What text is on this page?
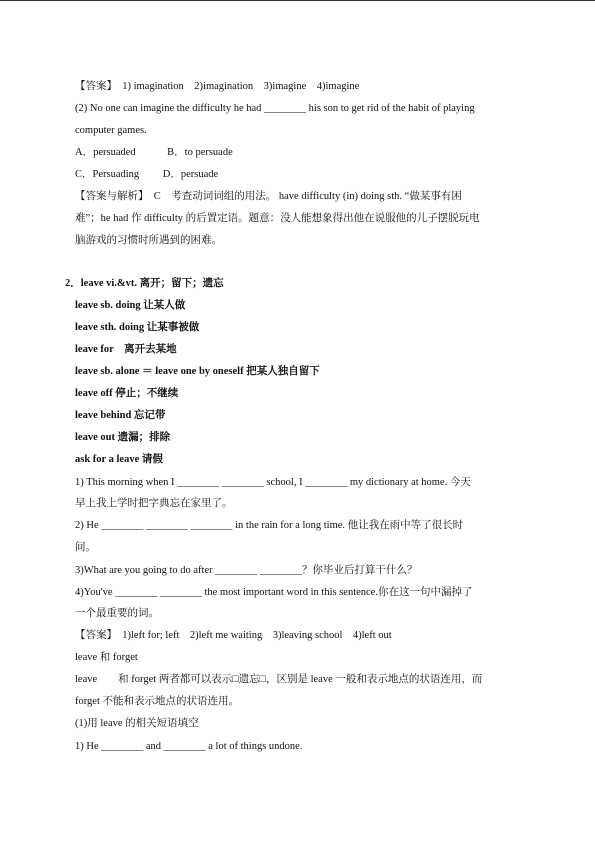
【答案】　1) imagination　2)imagination　3)imagine　4)imagine
(2) No one can imagine the difficulty he had ________ his son to get rid of the habit of playing
computer games.
A．persuaded　　　B．to persuade
C．Persuading　　 D．persuade
【答案与解析】　C　考查动词词组的用法。 have difficulty (in) doing sth. “做某事有困
难”；he had 作 difficulty 的后置定语。题意：没人能想象得出他在说服他的儿子摆脱玩电
脑游戏的习惯时所遇到的困难。
2．leave vi.&vt. 离开；留下；遗忘
leave sb. doing 让某人做
leave sth. doing 让某事被做
leave for　离开去某地
leave sb. alone ＝ leave one by oneself 把某人独自留下
leave off 停止；不继续
leave behind 忘记带
leave out 遗漏；排除
ask for a leave 请假
1) This morning when I ________ ________ school, I ________ my dictionary at home. 今天
早上我上学时把字典忘在家里了。
2) He ________ ________ ________ in the rain for a long time. 他让我在雨中等了很长时
间。
3)What are you going to do after ________ ________？你毕业后打算干什么？
4)You've ________ ________ the most important word in this sentence.你在这一句中漏掉了
一个最重要的词。
【答案】　1)left for; left　2)left me waiting　3)leaving school　4)left out
leave 和 forget
leave　　和 forget 两者都可以表示□遗忘□，区别是 leave 一般和表示地点的状语连用，而
forget 不能和表示地点的状语连用。
(1)用 leave 的相关短语填空
1) He ________ and ________ a lot of things undone.
